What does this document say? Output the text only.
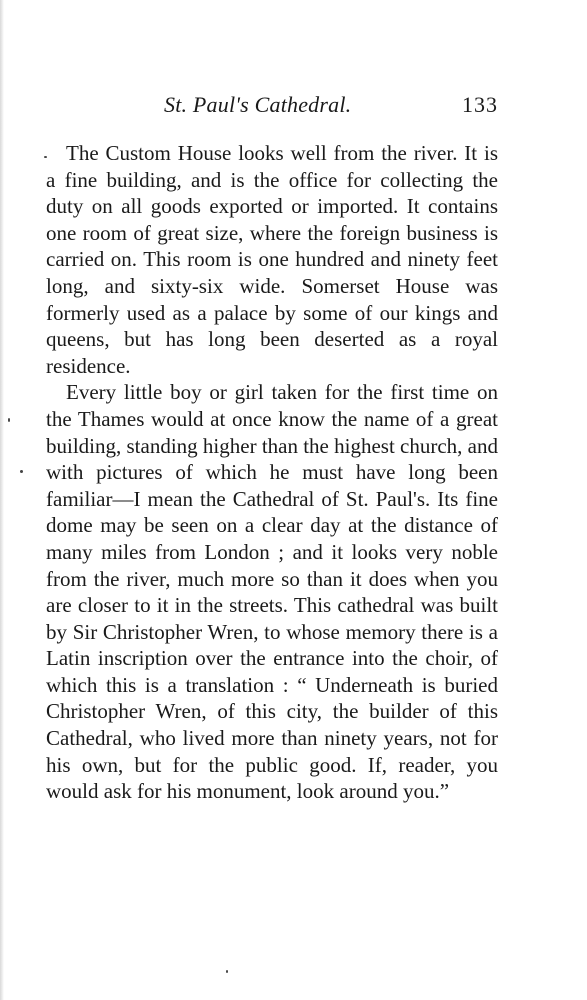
St. Paul's Cathedral.	133

The Custom House looks well from the river. It is a fine building, and is the office for collecting the duty on all goods exported or imported. It contains one room of great size, where the foreign business is carried on. This room is one hundred and ninety feet long, and sixty-six wide. Somerset House was formerly used as a palace by some of our kings and queens, but has long been deserted as a royal residence.

Every little boy or girl taken for the first time on the Thames would at once know the name of a great building, standing higher than the highest church, and with pictures of which he must have long been familiar—I mean the Cathedral of St. Paul's. Its fine dome may be seen on a clear day at the distance of many miles from London ; and it looks very noble from the river, much more so than it does when you are closer to it in the streets. This cathedral was built by Sir Christopher Wren, to whose memory there is a Latin inscription over the entrance into the choir, of which this is a translation : “ Underneath is buried Christopher Wren, of this city, the builder of this Cathedral, who lived more than ninety years, not for his own, but for the public good. If, reader, you would ask for his monument, look around you.”
